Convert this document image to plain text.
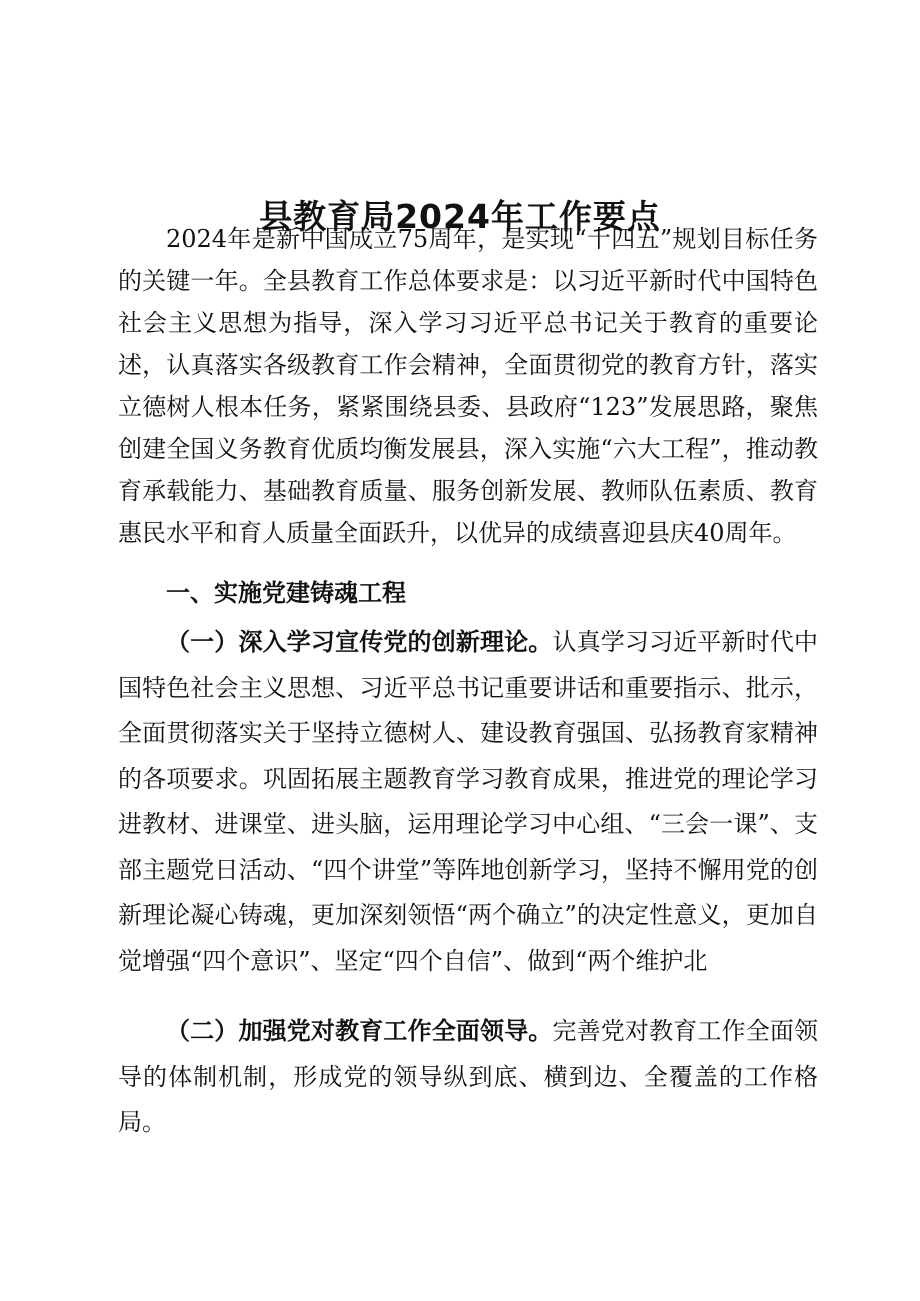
县教育局2024年工作要点

2024年是新中国成立75周年，是实现“十四五”规划目标任务的关键一年。全县教育工作总体要求是：以习近平新时代中国特色社会主义思想为指导，深入学习习近平总书记关于教育的重要论述，认真落实各级教育工作会精神，全面贯彻党的教育方针，落实立德树人根本任务，紧紧围绕县委、县政府“123”发展思路，聚焦创建全国义务教育优质均衡发展县，深入实施“六大工程”，推动教育承载能力、基础教育质量、服务创新发展、教师队伍素质、教育惠民水平和育人质量全面跃升，以优异的成绩喜迎县庆40周年。

一、实施党建铸魂工程

（一）深入学习宣传党的创新理论。认真学习习近平新时代中国特色社会主义思想、习近平总书记重要讲话和重要指示、批示，全面贯彻落实关于坚持立德树人、建设教育强国、弘扬教育家精神的各项要求。巩固拓展主题教育学习教育成果，推进党的理论学习进教材、进课堂、进头脑，运用理论学习中心组、“三会一课”、支部主题党日活动、“四个讲堂”等阵地创新学习，坚持不懈用党的创新理论凝心铸魂，更加深刻领悟“两个确立”的决定性意义，更加自觉增强“四个意识”、坚定“四个自信”、做到“两个维护北

（二）加强党对教育工作全面领导。完善党对教育工作全面领导的体制机制，形成党的领导纵到底、横到边、全覆盖的工作格局。
